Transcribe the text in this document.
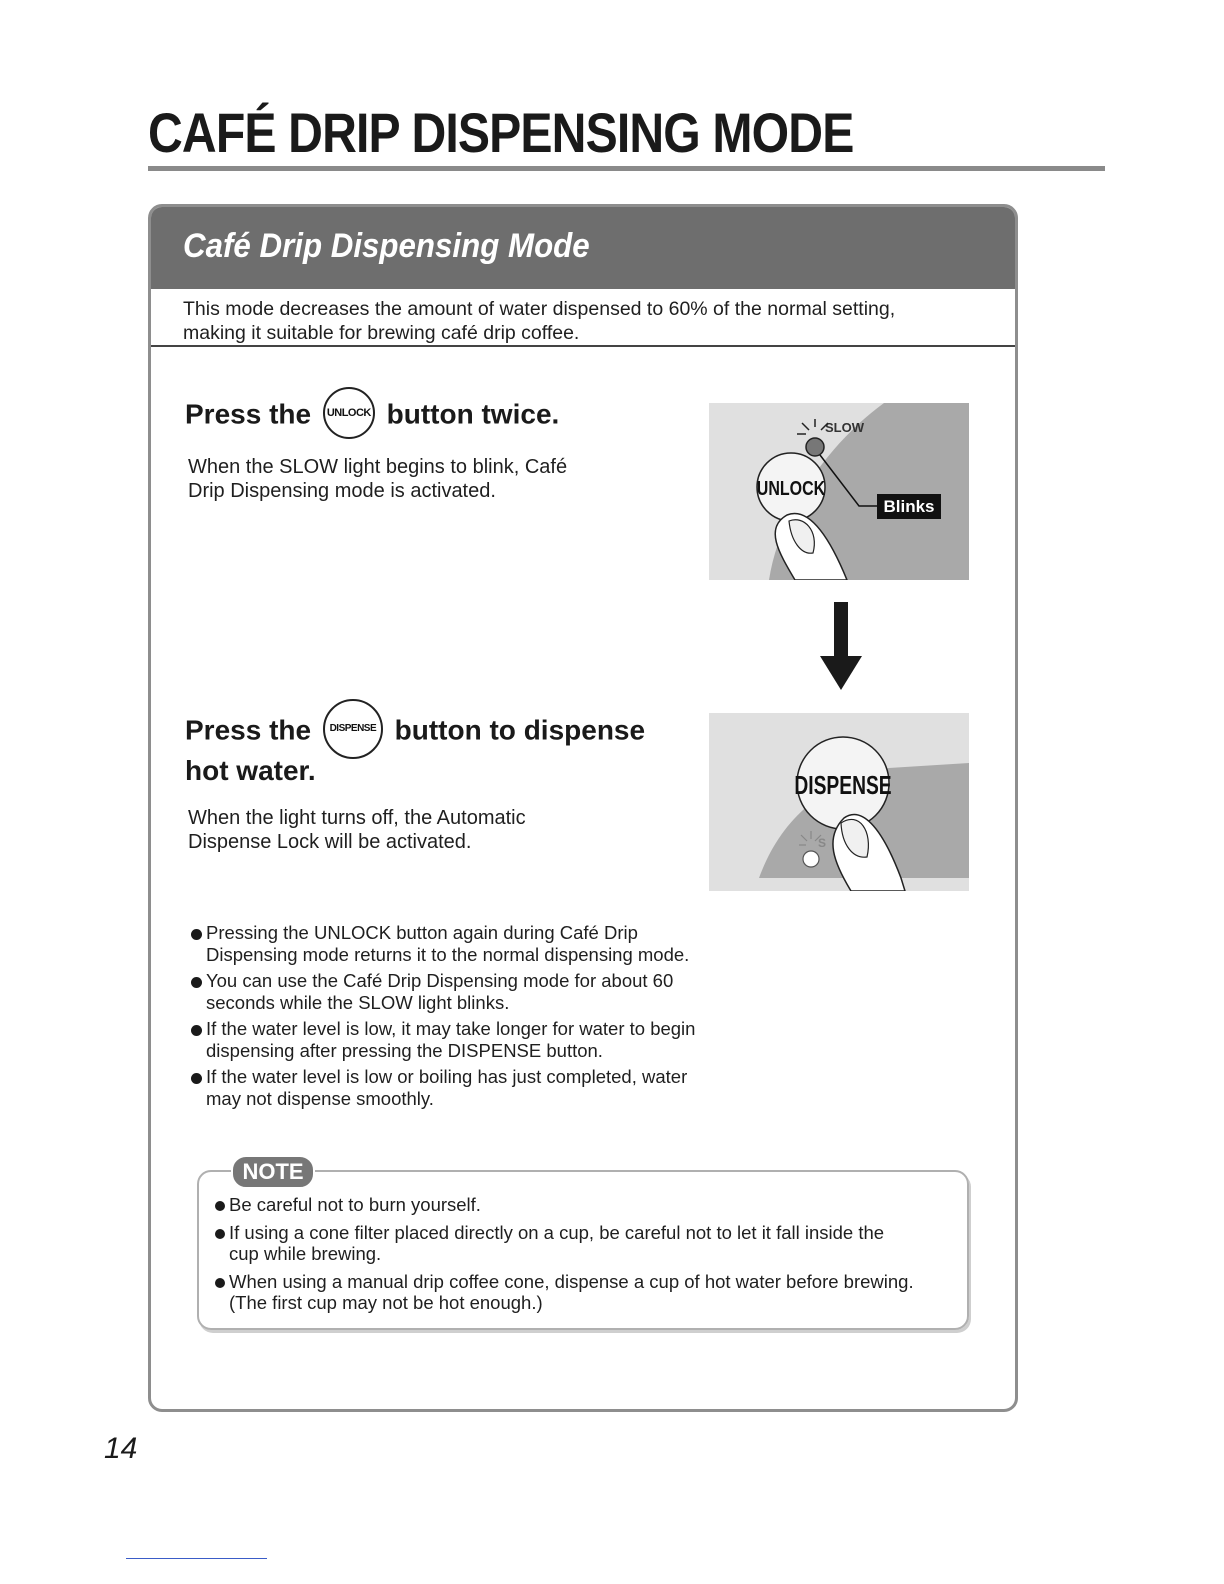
CAFÉ DRIP DISPENSING MODE
Café Drip Dispensing Mode
This mode decreases the amount of water dispensed to 60% of the normal setting,
making it suitable for brewing café drip coffee.
Press the UNLOCK button twice.
When the SLOW light begins to blink, Café
Drip Dispensing mode is activated.
SLOW
Blinks
UNLOCK
Press the DISPENSE button to dispense
hot water.
When the light turns off, the Automatic
Dispense Lock will be activated.
DISPENSE
S
Pressing the UNLOCK button again during Café Drip
Dispensing mode returns it to the normal dispensing mode.
You can use the Café Drip Dispensing mode for about 60
seconds while the SLOW light blinks.
If the water level is low, it may take longer for water to begin
dispensing after pressing the DISPENSE button.
If the water level is low or boiling has just completed, water
may not dispense smoothly.
NOTE
Be careful not to burn yourself.
If using a cone filter placed directly on a cup, be careful not to let it fall inside the
cup while brewing.
When using a manual drip coffee cone, dispense a cup of hot water before brewing.
(The first cup may not be hot enough.)
14
